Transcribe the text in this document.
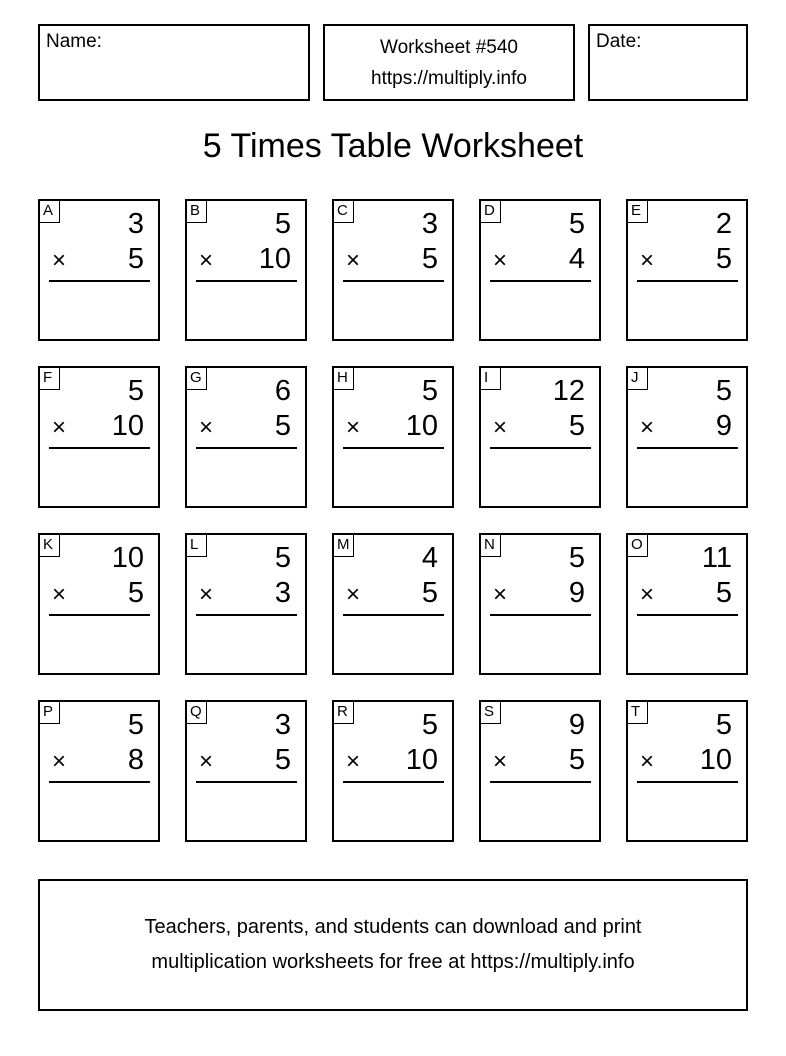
Name:	Worksheet #540
https://multiply.info
Date:
5 Times Table Worksheet
A	3
× 5
B	5
× 10
C	3
× 5
D	5
× 4
E	2
× 5
F	5
× 10
G	6
× 5
H	5
× 10
I	12
× 5
J	5
× 9
K 10
× 5
L	5
× 3
M 4
× 5
N	5
× 9
O 11
× 5
P	5
× 8
Q	3
× 5
R	5
× 10
S	9
× 5
T	5
× 10
Teachers, parents, and students can download and print
multiplication worksheets for free at https://multiply.info
